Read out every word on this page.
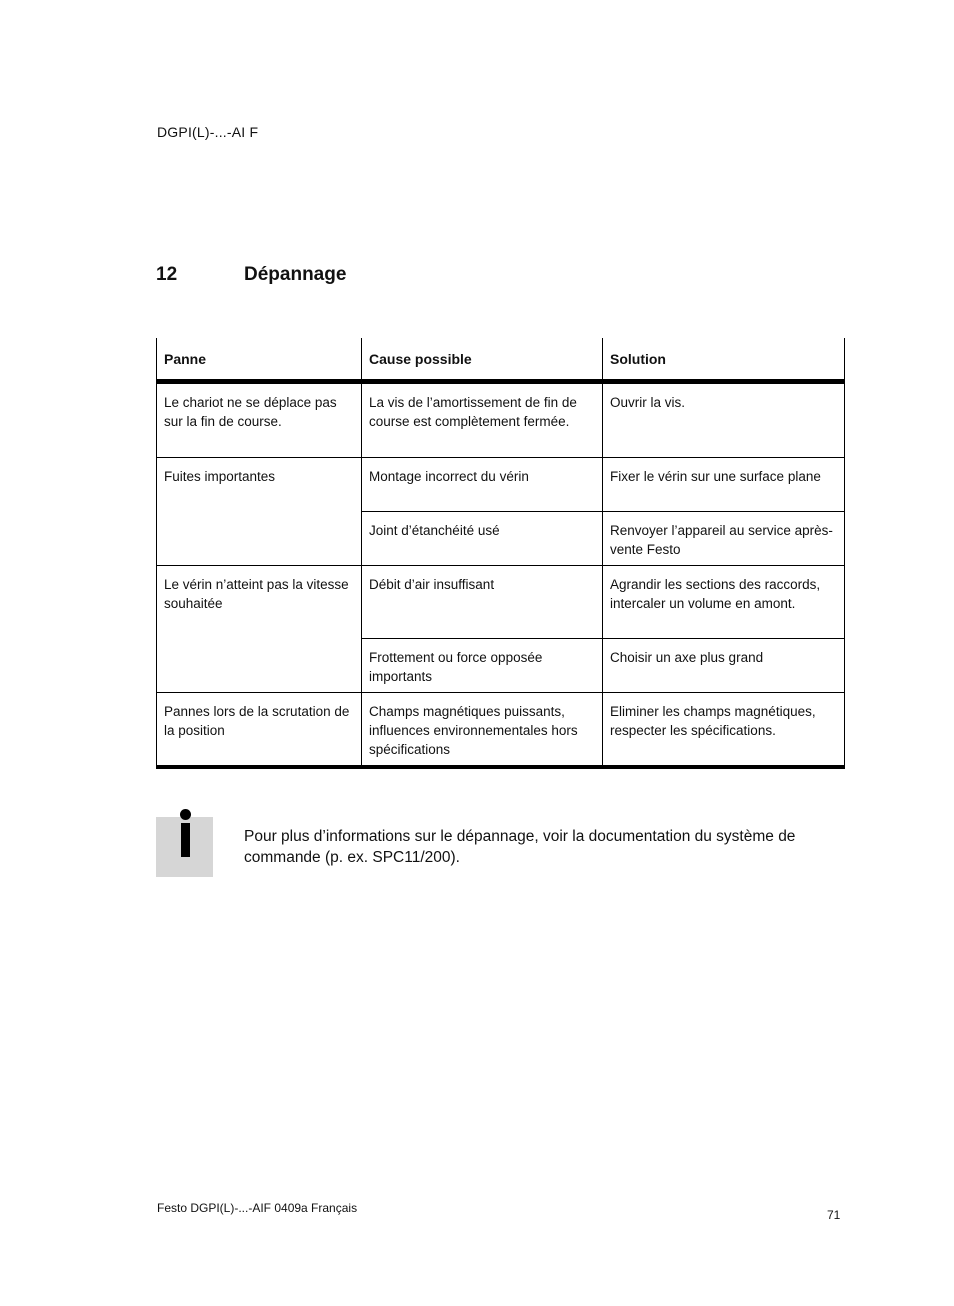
DGPI(L)-...-AI F
12	Dépannage
Panne	Cause possible	Solution
Le chariot ne se déplace pas sur la fin de course.	La vis de l’amortissement de fin de course est complètement fermée.	Ouvrir la vis.
Fuites importantes	Montage incorrect du vérin	Fixer le vérin sur une surface plane
	Joint d’étanchéité usé	Renvoyer l’appareil au service après-vente Festo
Le vérin n’atteint pas la vitesse souhaitée	Débit d’air insuffisant	Agrandir les sections des raccords, intercaler un volume en amont.
	Frottement ou force opposée importants	Choisir un axe plus grand
Pannes lors de la scrutation de la position	Champs magnétiques puissants, influences environnementales hors spécifications	Eliminer les champs magnétiques, respecter les spécifications.
Pour plus d’informations sur le dépannage, voir la documentation du système de commande (p. ex. SPC11/200).
Festo DGPI(L)-...-AIF 0409a Français	71
